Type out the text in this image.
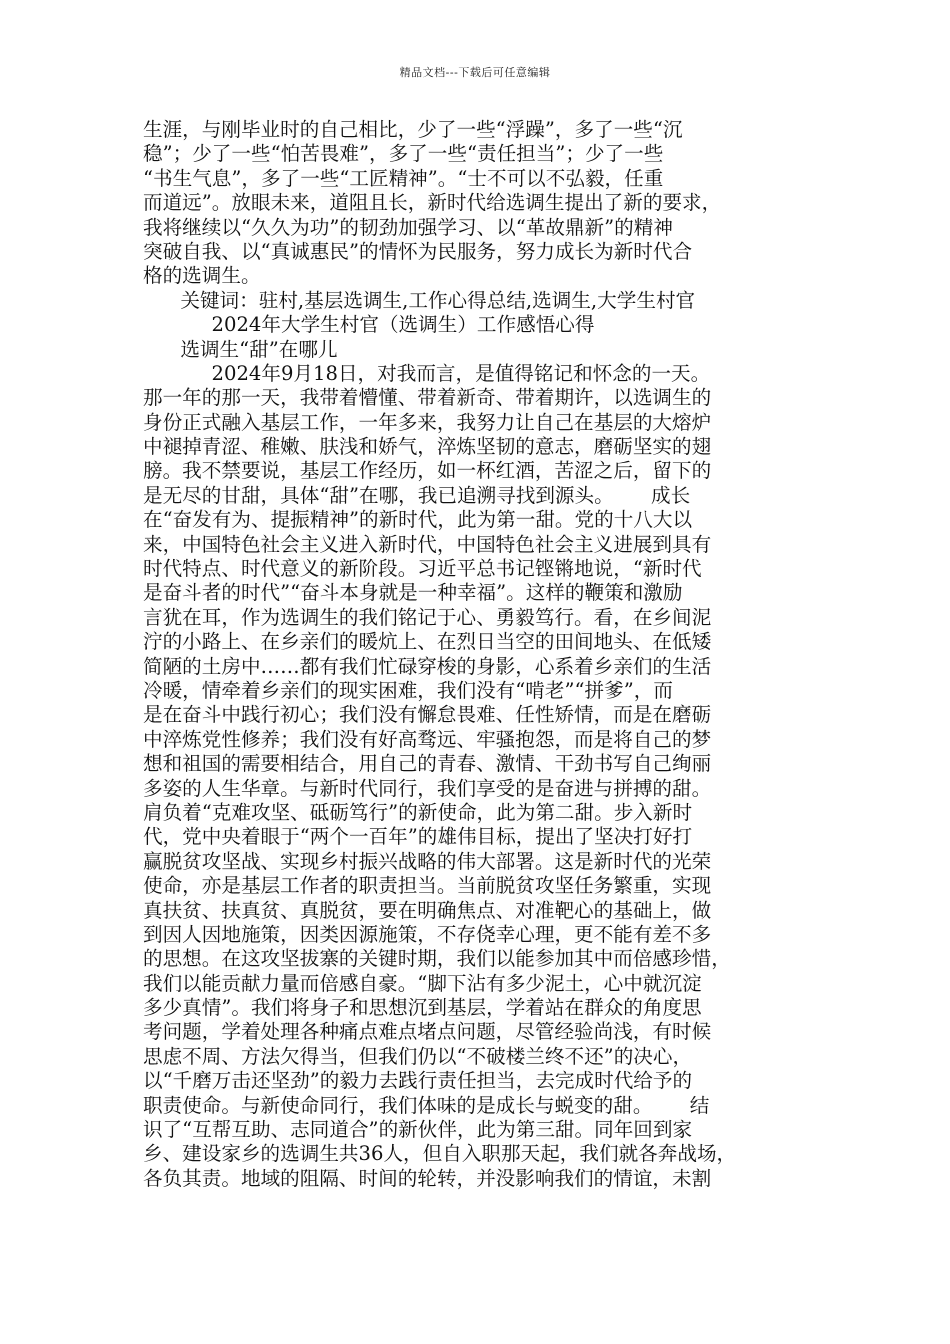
精品文档---下载后可任意编辑
生涯，与刚毕业时的自己相比，少了一些“浮躁”，多了一些“沉
稳”；少了一些“怕苦畏难”，多了一些“责任担当”；少了一些
“书生气息”，多了一些“工匠精神”。“士不可以不弘毅，任重
而道远”。放眼未来，道阻且长，新时代给选调生提出了新的要求，
我将继续以“久久为功”的韧劲加强学习、以“革故鼎新”的精神
突破自我、以“真诚惠民”的情怀为民服务，努力成长为新时代合
格的选调生。
关键词：驻村,基层选调生,工作心得总结,选调生,大学生村官
2024年大学生村官（选调生）工作感悟心得
选调生“甜”在哪儿
2024年9月18日，对我而言，是值得铭记和怀念的一天。
那一年的那一天，我带着懵懂、带着新奇、带着期许，以选调生的
身份正式融入基层工作，一年多来，我努力让自己在基层的大熔炉
中褪掉青涩、稚嫩、肤浅和娇气，淬炼坚韧的意志，磨砺坚实的翅
膀。我不禁要说，基层工作经历，如一杯红酒，苦涩之后，留下的
是无尽的甘甜，具体“甜”在哪，我已追溯寻找到源头。      成长
在“奋发有为、提振精神”的新时代，此为第一甜。党的十八大以
来，中国特色社会主义进入新时代，中国特色社会主义进展到具有
时代特点、时代意义的新阶段。习近平总书记铿锵地说，“新时代
是奋斗者的时代”“奋斗本身就是一种幸福”。这样的鞭策和激励
言犹在耳，作为选调生的我们铭记于心、勇毅笃行。看，在乡间泥
泞的小路上、在乡亲们的暖炕上、在烈日当空的田间地头、在低矮
简陋的土房中……都有我们忙碌穿梭的身影，心系着乡亲们的生活
冷暖，情牵着乡亲们的现实困难，我们没有“啃老”“拼爹”，而
是在奋斗中践行初心；我们没有懈怠畏难、任性矫情，而是在磨砺
中淬炼党性修养；我们没有好高骛远、牢骚抱怨，而是将自己的梦
想和祖国的需要相结合，用自己的青春、激情、干劲书写自己绚丽
多姿的人生华章。与新时代同行，我们享受的是奋进与拼搏的甜。
肩负着“克难攻坚、砥砺笃行”的新使命，此为第二甜。步入新时
代，党中央着眼于“两个一百年”的雄伟目标，提出了坚决打好打
赢脱贫攻坚战、实现乡村振兴战略的伟大部署。这是新时代的光荣
使命，亦是基层工作者的职责担当。当前脱贫攻坚任务繁重，实现
真扶贫、扶真贫、真脱贫，要在明确焦点、对准靶心的基础上，做
到因人因地施策，因类因源施策，不存侥幸心理，更不能有差不多
的思想。在这攻坚拔寨的关键时期，我们以能参加其中而倍感珍惜，
我们以能贡献力量而倍感自豪。“脚下沾有多少泥土，心中就沉淀
多少真情”。我们将身子和思想沉到基层，学着站在群众的角度思
考问题，学着处理各种痛点难点堵点问题，尽管经验尚浅，有时候
思虑不周、方法欠得当，但我们仍以“不破楼兰终不还”的决心，
以“千磨万击还坚劲”的毅力去践行责任担当，去完成时代给予的
职责使命。与新使命同行，我们体味的是成长与蜕变的甜。      结
识了“互帮互助、志同道合”的新伙伴，此为第三甜。同年回到家
乡、建设家乡的选调生共36人，但自入职那天起，我们就各奔战场，
各负其责。地域的阻隔、时间的轮转，并没影响我们的情谊，未割
